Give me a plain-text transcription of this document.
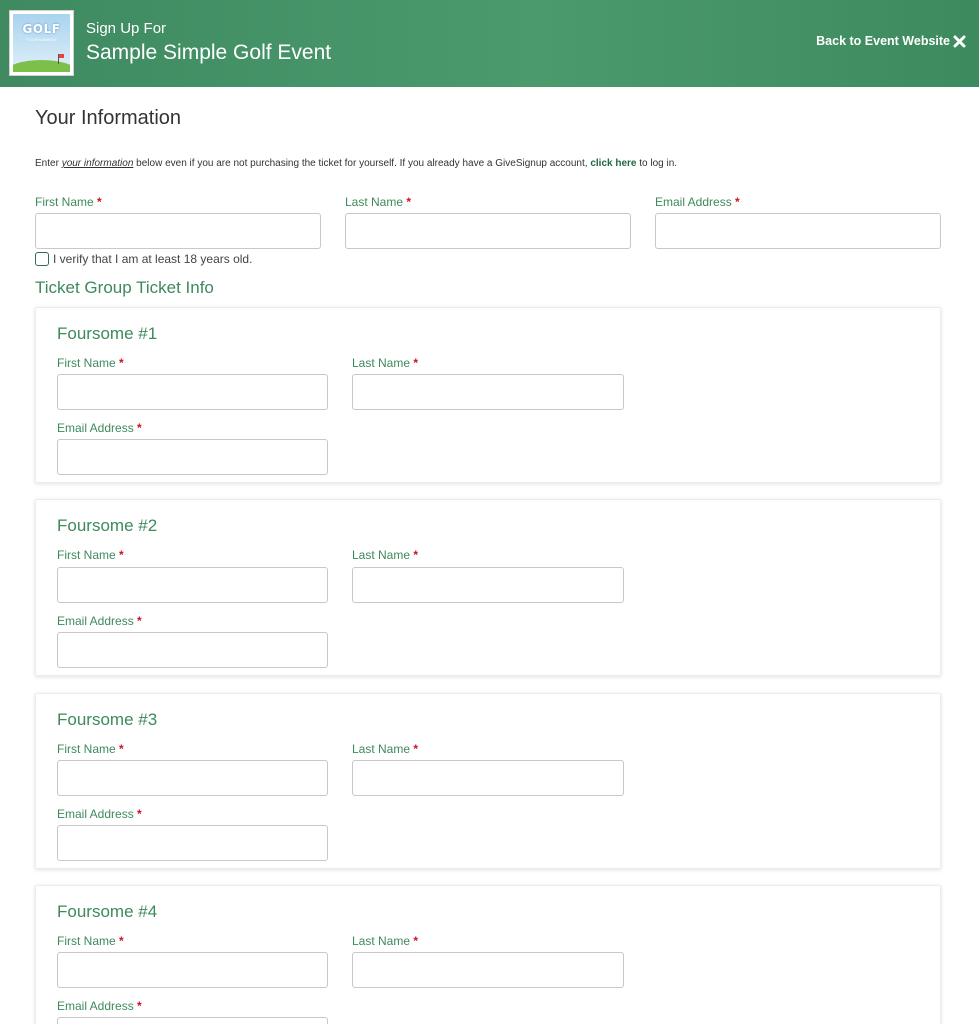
GOLF
TOURNAMENT
Sign Up For
Sample Simple Golf Event	Back to Event Website
Your Information
Enter your information below even if you are not purchasing the ticket for yourself. If you already have a GiveSignup account, click here to log in.
First Name *	Last Name *	Email Address *
I verify that I am at least 18 years old.
Ticket Group Ticket Info
Foursome #1
First Name *	Last Name *
Email Address *
Foursome #2
First Name *	Last Name *
Email Address *
Foursome #3
First Name *	Last Name *
Email Address *
Foursome #4
First Name *	Last Name *
Email Address *
